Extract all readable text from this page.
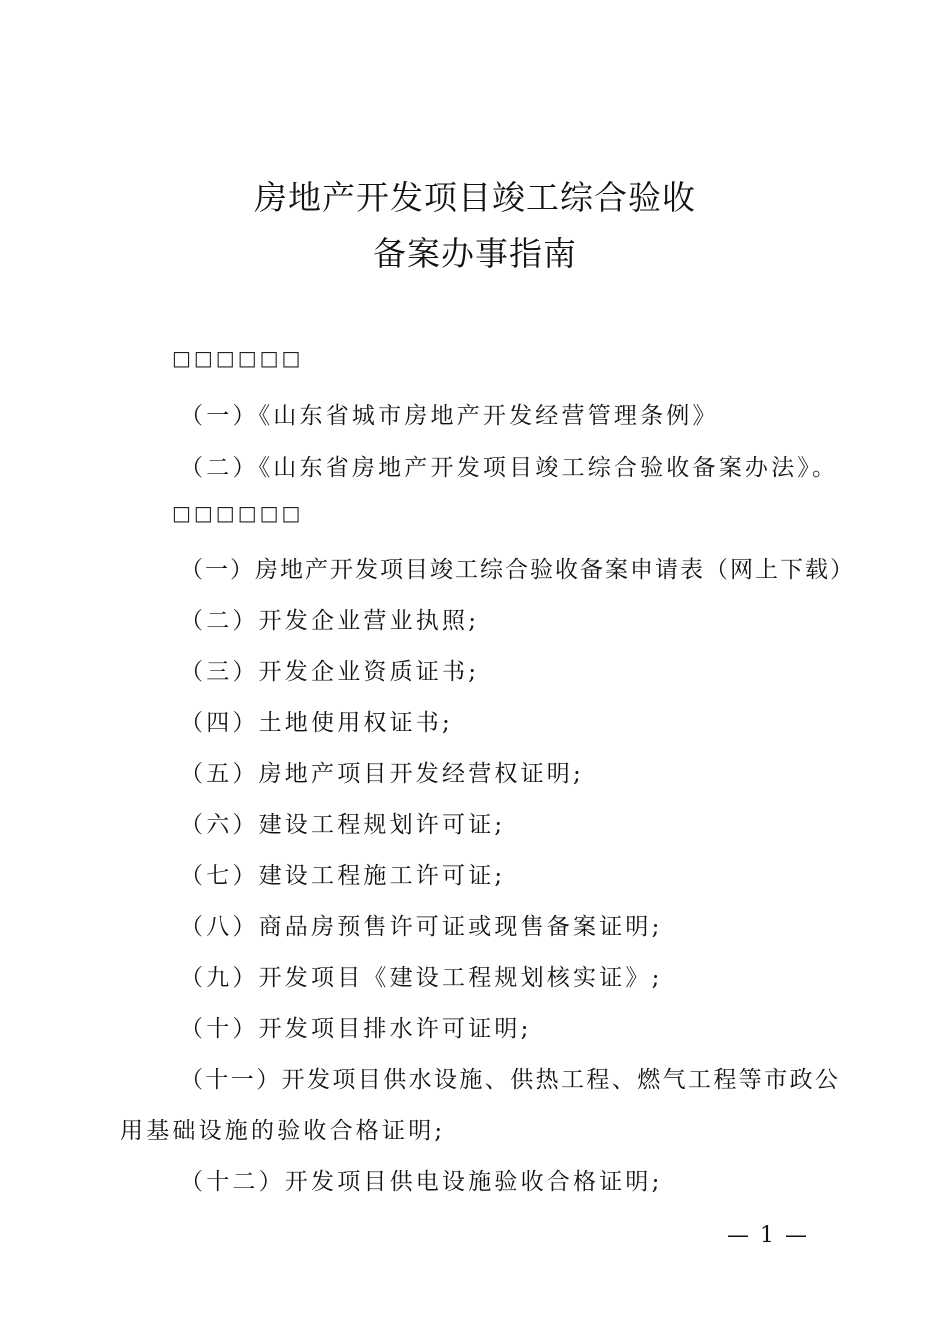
房地产开发项目竣工综合验收
备案办事指南
□□□□□□
（一）《山东省城市房地产开发经营管理条例》
（二）《山东省房地产开发项目竣工综合验收备案办法》。
□□□□□□
（一）房地产开发项目竣工综合验收备案申请表（网上下载）
（二）开发企业营业执照;
（三）开发企业资质证书;
（四）土地使用权证书;
（五）房地产项目开发经营权证明;
（六）建设工程规划许可证;
（七）建设工程施工许可证;
（八）商品房预售许可证或现售备案证明;
（九）开发项目《建设工程规划核实证》;
（十）开发项目排水许可证明;
（十一）开发项目供水设施、供热工程、燃气工程等市政公
用基础设施的验收合格证明;
（十二）开发项目供电设施验收合格证明;
— 1 —
